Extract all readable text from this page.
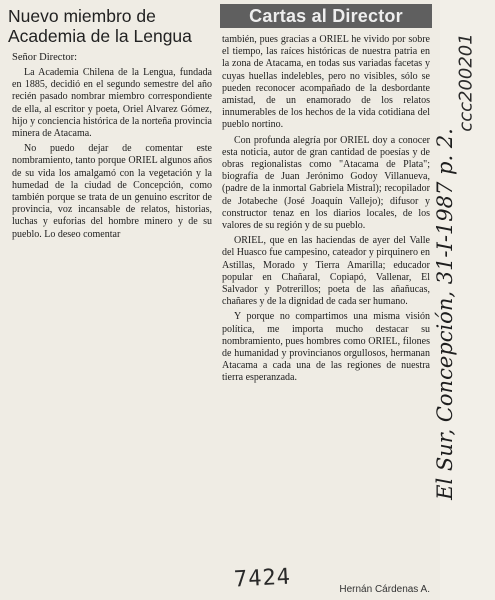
Nuevo miembro de Academia de la Lengua
Cartas al Director
Señor Director:

La Academia Chilena de la Lengua, fundada en 1885, decidió en el segundo semestre del año recién pasado nombrar miembro correspondiente de ella, al escritor y poeta, Oriel Alvarez Gómez, hijo y conciencia histórica de la norteña provincia minera de Atacama.

No puedo dejar de comentar este nombramiento, tanto porque ORIEL algunos años de su vida los amalgamó con la vegetación y la humedad de la ciudad de Concepción, como también porque se trata de un genuino escritor de provincia, voz incansable de relatos, historias, luchas y euforias del hombre minero y de su pueblo. Lo deseo comentar

también, pues gracias a ORIEL he vivido por sobre el tiempo, las raíces históricas de nuestra patria en la zona de Atacama, en todas sus variadas facetas y cuyas huellas indelebles, pero no visibles, sólo se pueden reconocer acompañado de la desbordante amistad, de un enamorado de los relatos innumerables de los hechos de la vida cotidiana del pueblo nortino.

Con profunda alegría por ORIEL doy a conocer esta noticia, autor de gran cantidad de poesías y de obras regionalistas como "Atacama de Plata"; biografía de Juan Jerónimo Godoy Villanueva, (padre de la inmortal Gabriela Mistral); recopilador de Jotabeche (José Joaquín Vallejo); difusor y constructor tenaz en los diarios locales, de los valores de su región y de su pueblo.

ORIEL, que en las haciendas de ayer del Valle del Huasco fue campesino, cateador y pirquinero en Astillas, Morado y Tierra Amarilla; educador popular en Chañaral, Copiapó, Vallenar, El Salvador y Potrerillos; poeta de las añañucas, chañares y de la dignidad de cada ser humano.

Y porque no compartimos una misma visión política, me importa mucho destacar su nombramiento, pues hombres como ORIEL, filones de humanidad y provincianos orgullosos, hermanan Atacama a cada una de las regiones de nuestra tierra esperanzada.

7424	Hernán Cárdenas A.
ccc200201
El Sur, Concepción, 31-I-1987 p. 2.
